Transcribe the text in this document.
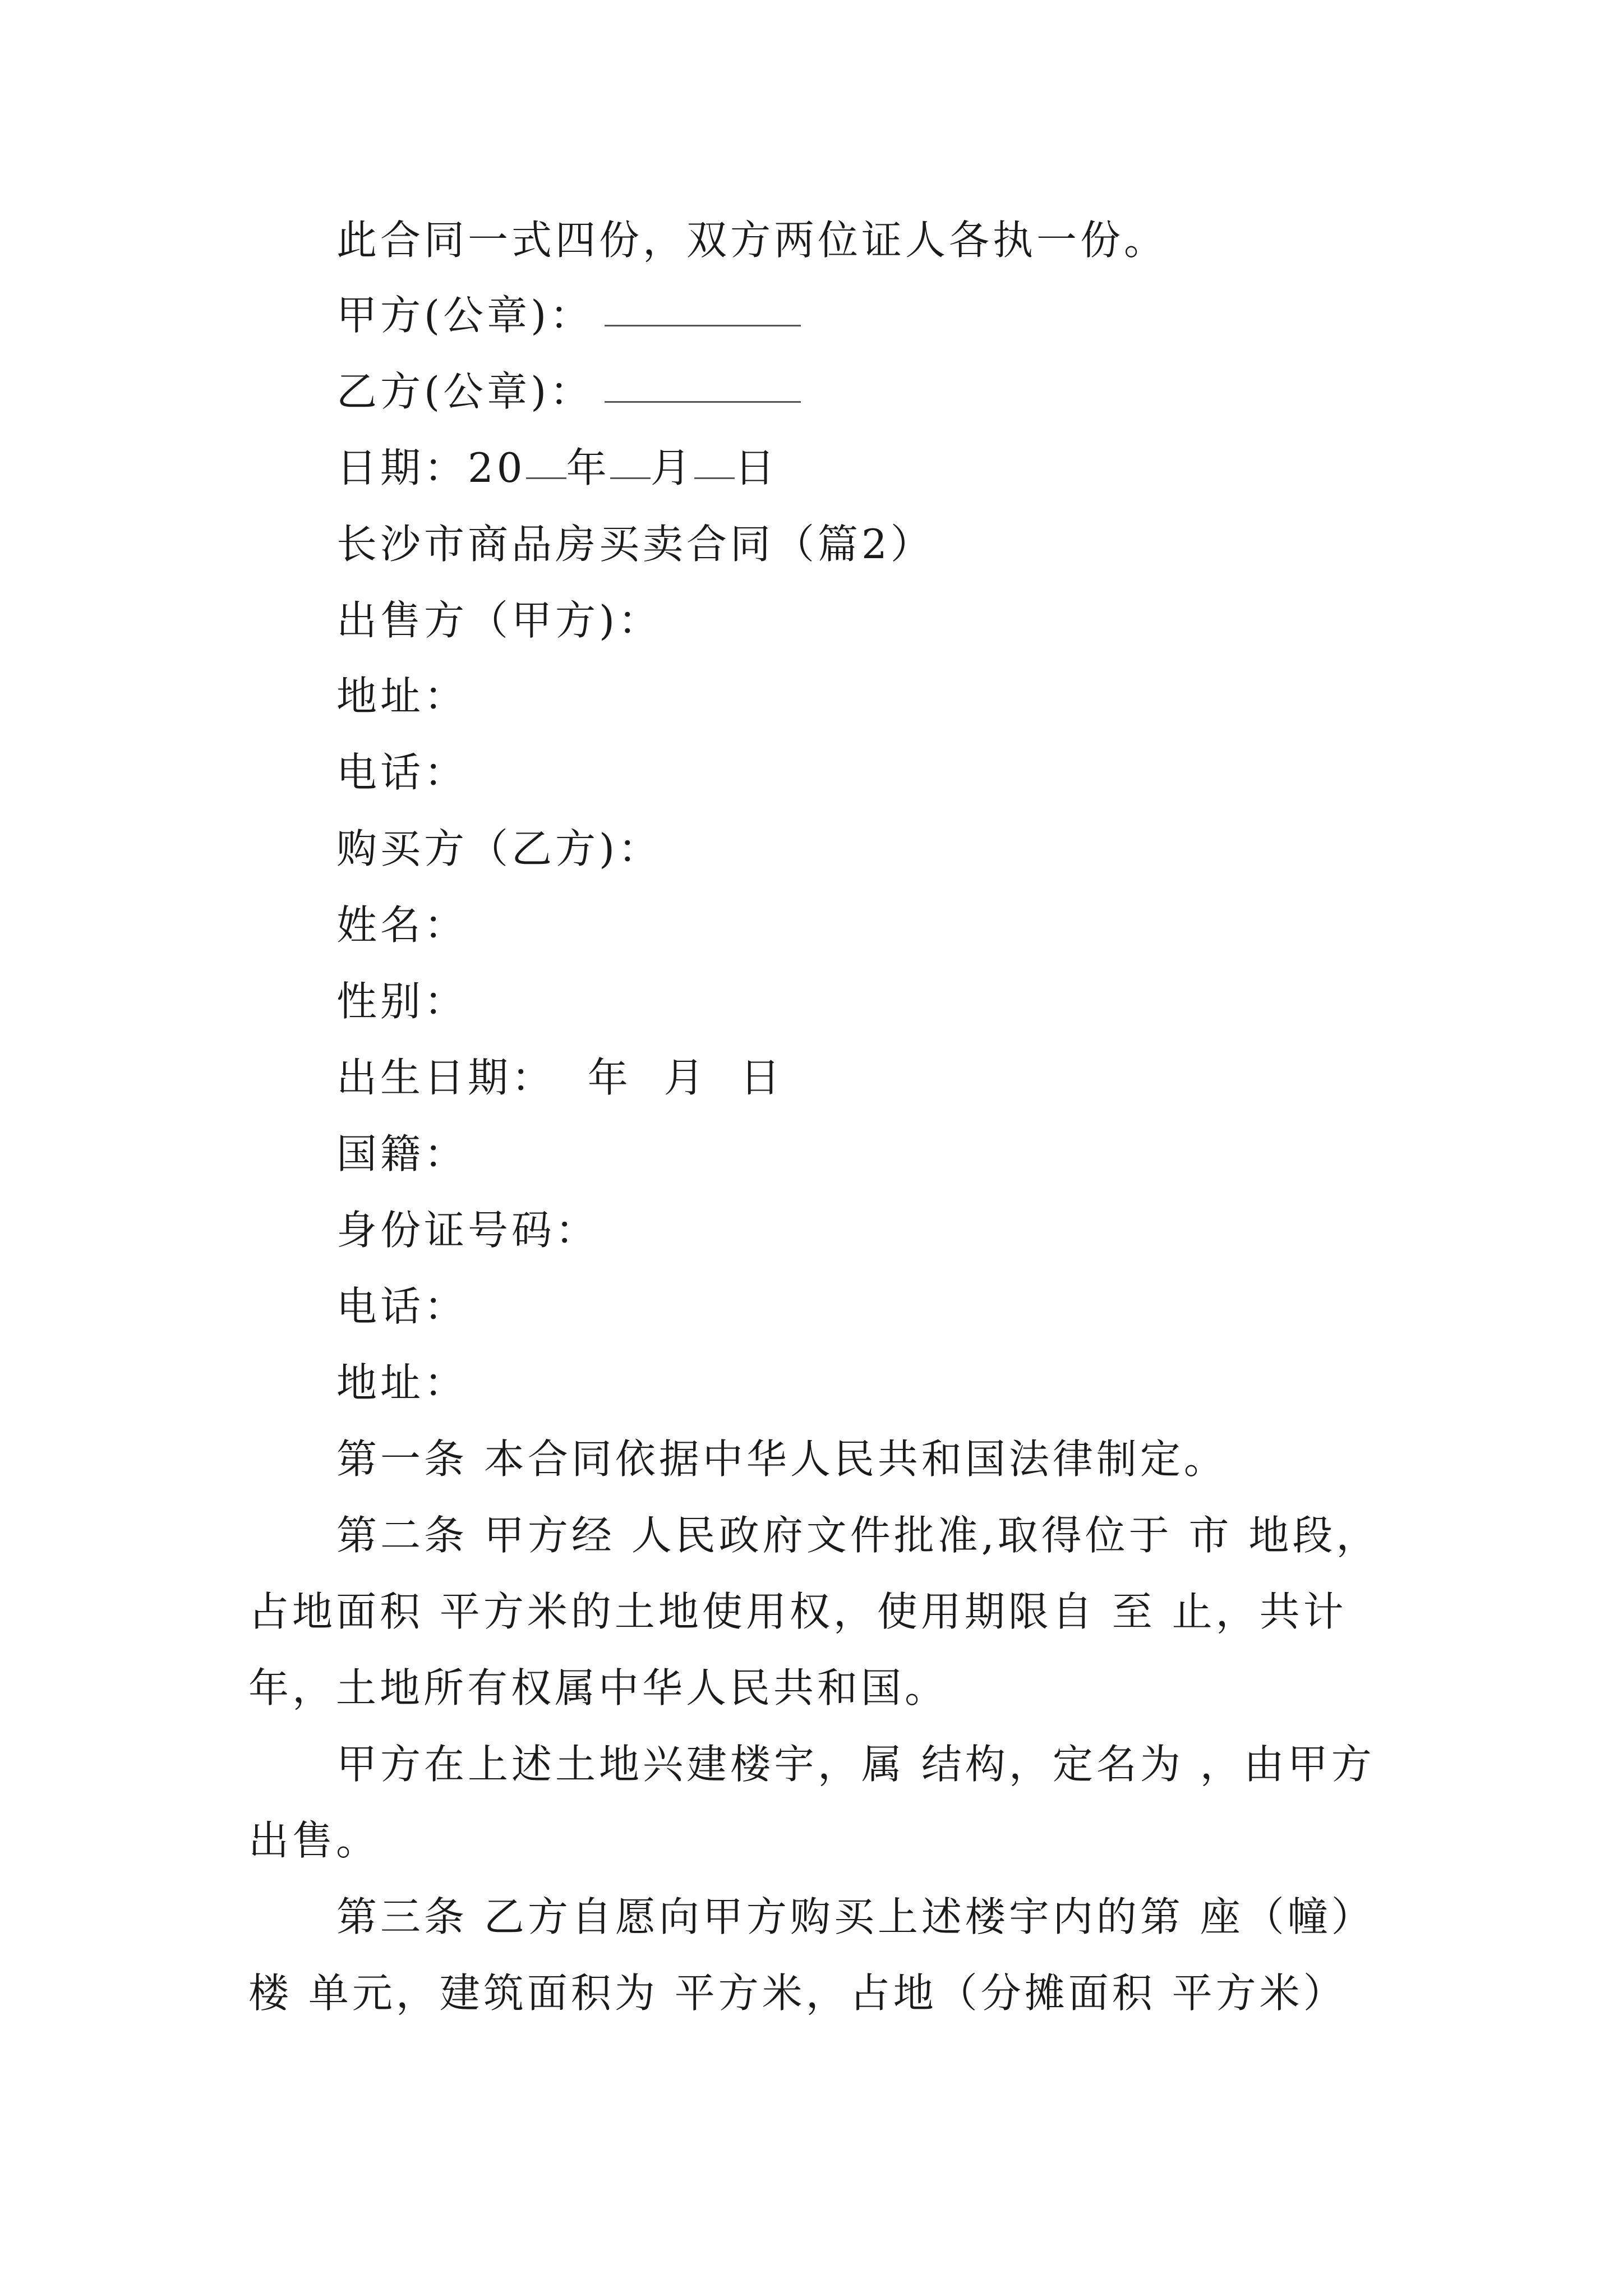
此合同一式四份，双方两位证人各执一份。
甲方(公章)：
乙方(公章)：
日期：20 年 月 日
长沙市商品房买卖合同（篇2）
出售方（甲方)：
地址：
电话：
购买方（乙方)：
姓名：
性别：
出生日期：  年  月  日
国籍：
身份证号码：
电话：
地址：
第一条 本合同依据中华人民共和国法律制定。
第二条 甲方经 人民政府文件批准,取得位于 市 地段，
占地面积 平方米的土地使用权，使用期限自 至 止，共计
年，土地所有权属中华人民共和国。
甲方在上述土地兴建楼宇，属 结构，定名为 ，由甲方
出售。
第三条 乙方自愿向甲方购买上述楼宇内的第 座（幢）
楼 单元，建筑面积为 平方米，占地（分摊面积 平方米）
